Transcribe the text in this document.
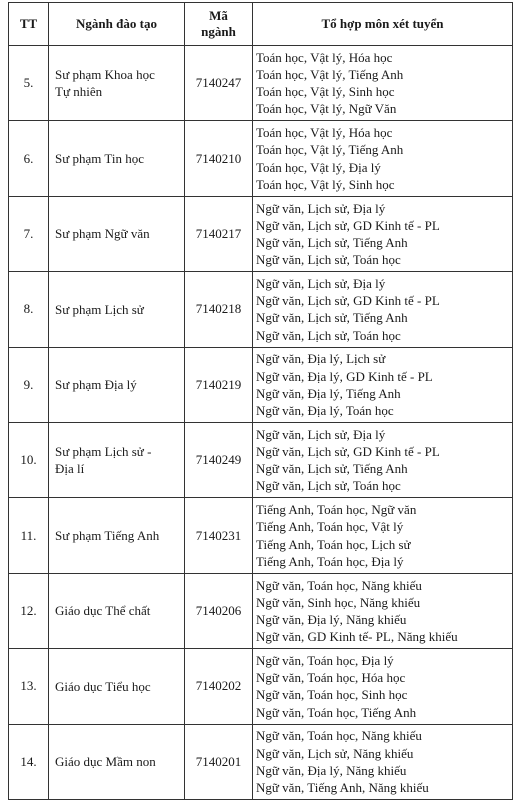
TT	Ngành đào tạo	Mã
ngành	Tổ hợp môn xét tuyển
5.	Sư phạm Khoa học
Tự nhiên	7140247	Toán học, Vật lý, Hóa học
Toán học, Vật lý, Tiếng Anh
Toán học, Vật lý, Sinh học
Toán học, Vật lý, Ngữ Văn

6.	Sư phạm Tin học	7140210	Toán học, Vật lý, Hóa học
Toán học, Vật lý, Tiếng Anh
Toán học, Vật lý, Địa lý
Toán học, Vật lý, Sinh học

7.	Sư phạm Ngữ văn	7140217	Ngữ văn, Lịch sử, Địa lý
Ngữ văn, Lịch sử, GD Kinh tế - PL
Ngữ văn, Lịch sử, Tiếng Anh
Ngữ văn, Lịch sử, Toán học

8.	Sư phạm Lịch sử	7140218	Ngữ văn, Lịch sử, Địa lý
Ngữ văn, Lịch sử, GD Kinh tế - PL
Ngữ văn, Lịch sử, Tiếng Anh
Ngữ văn, Lịch sử, Toán học

9.	Sư phạm Địa lý	7140219	Ngữ văn, Địa lý, Lịch sử
Ngữ văn, Địa lý, GD Kinh tế - PL
Ngữ văn, Địa lý, Tiếng Anh
Ngữ văn, Địa lý, Toán học

10.	Sư phạm Lịch sử -
Địa lí	7140249	Ngữ văn, Lịch sử, Địa lý
Ngữ văn, Lịch sử, GD Kinh tế - PL
Ngữ văn, Lịch sử, Tiếng Anh
Ngữ văn, Lịch sử, Toán học

11.	Sư phạm Tiếng Anh	7140231	Tiếng Anh, Toán học, Ngữ văn
Tiếng Anh, Toán học, Vật lý
Tiếng Anh, Toán học, Lịch sử
Tiếng Anh, Toán học, Địa lý

12.	Giáo dục Thể chất	7140206	Ngữ văn, Toán học, Năng khiếu
Ngữ văn, Sinh học, Năng khiếu
Ngữ văn, Địa lý, Năng khiếu
Ngữ văn, GD Kinh tế- PL, Năng khiếu

13.	Giáo dục Tiểu học	7140202	Ngữ văn, Toán học, Địa lý
Ngữ văn, Toán học, Hóa học
Ngữ văn, Toán học, Sinh học
Ngữ văn, Toán học, Tiếng Anh

14.	Giáo dục Mầm non	7140201	Ngữ văn, Toán học, Năng khiếu
Ngữ văn, Lịch sử, Năng khiếu
Ngữ văn, Địa lý, Năng khiếu
Ngữ văn, Tiếng Anh, Năng khiếu
